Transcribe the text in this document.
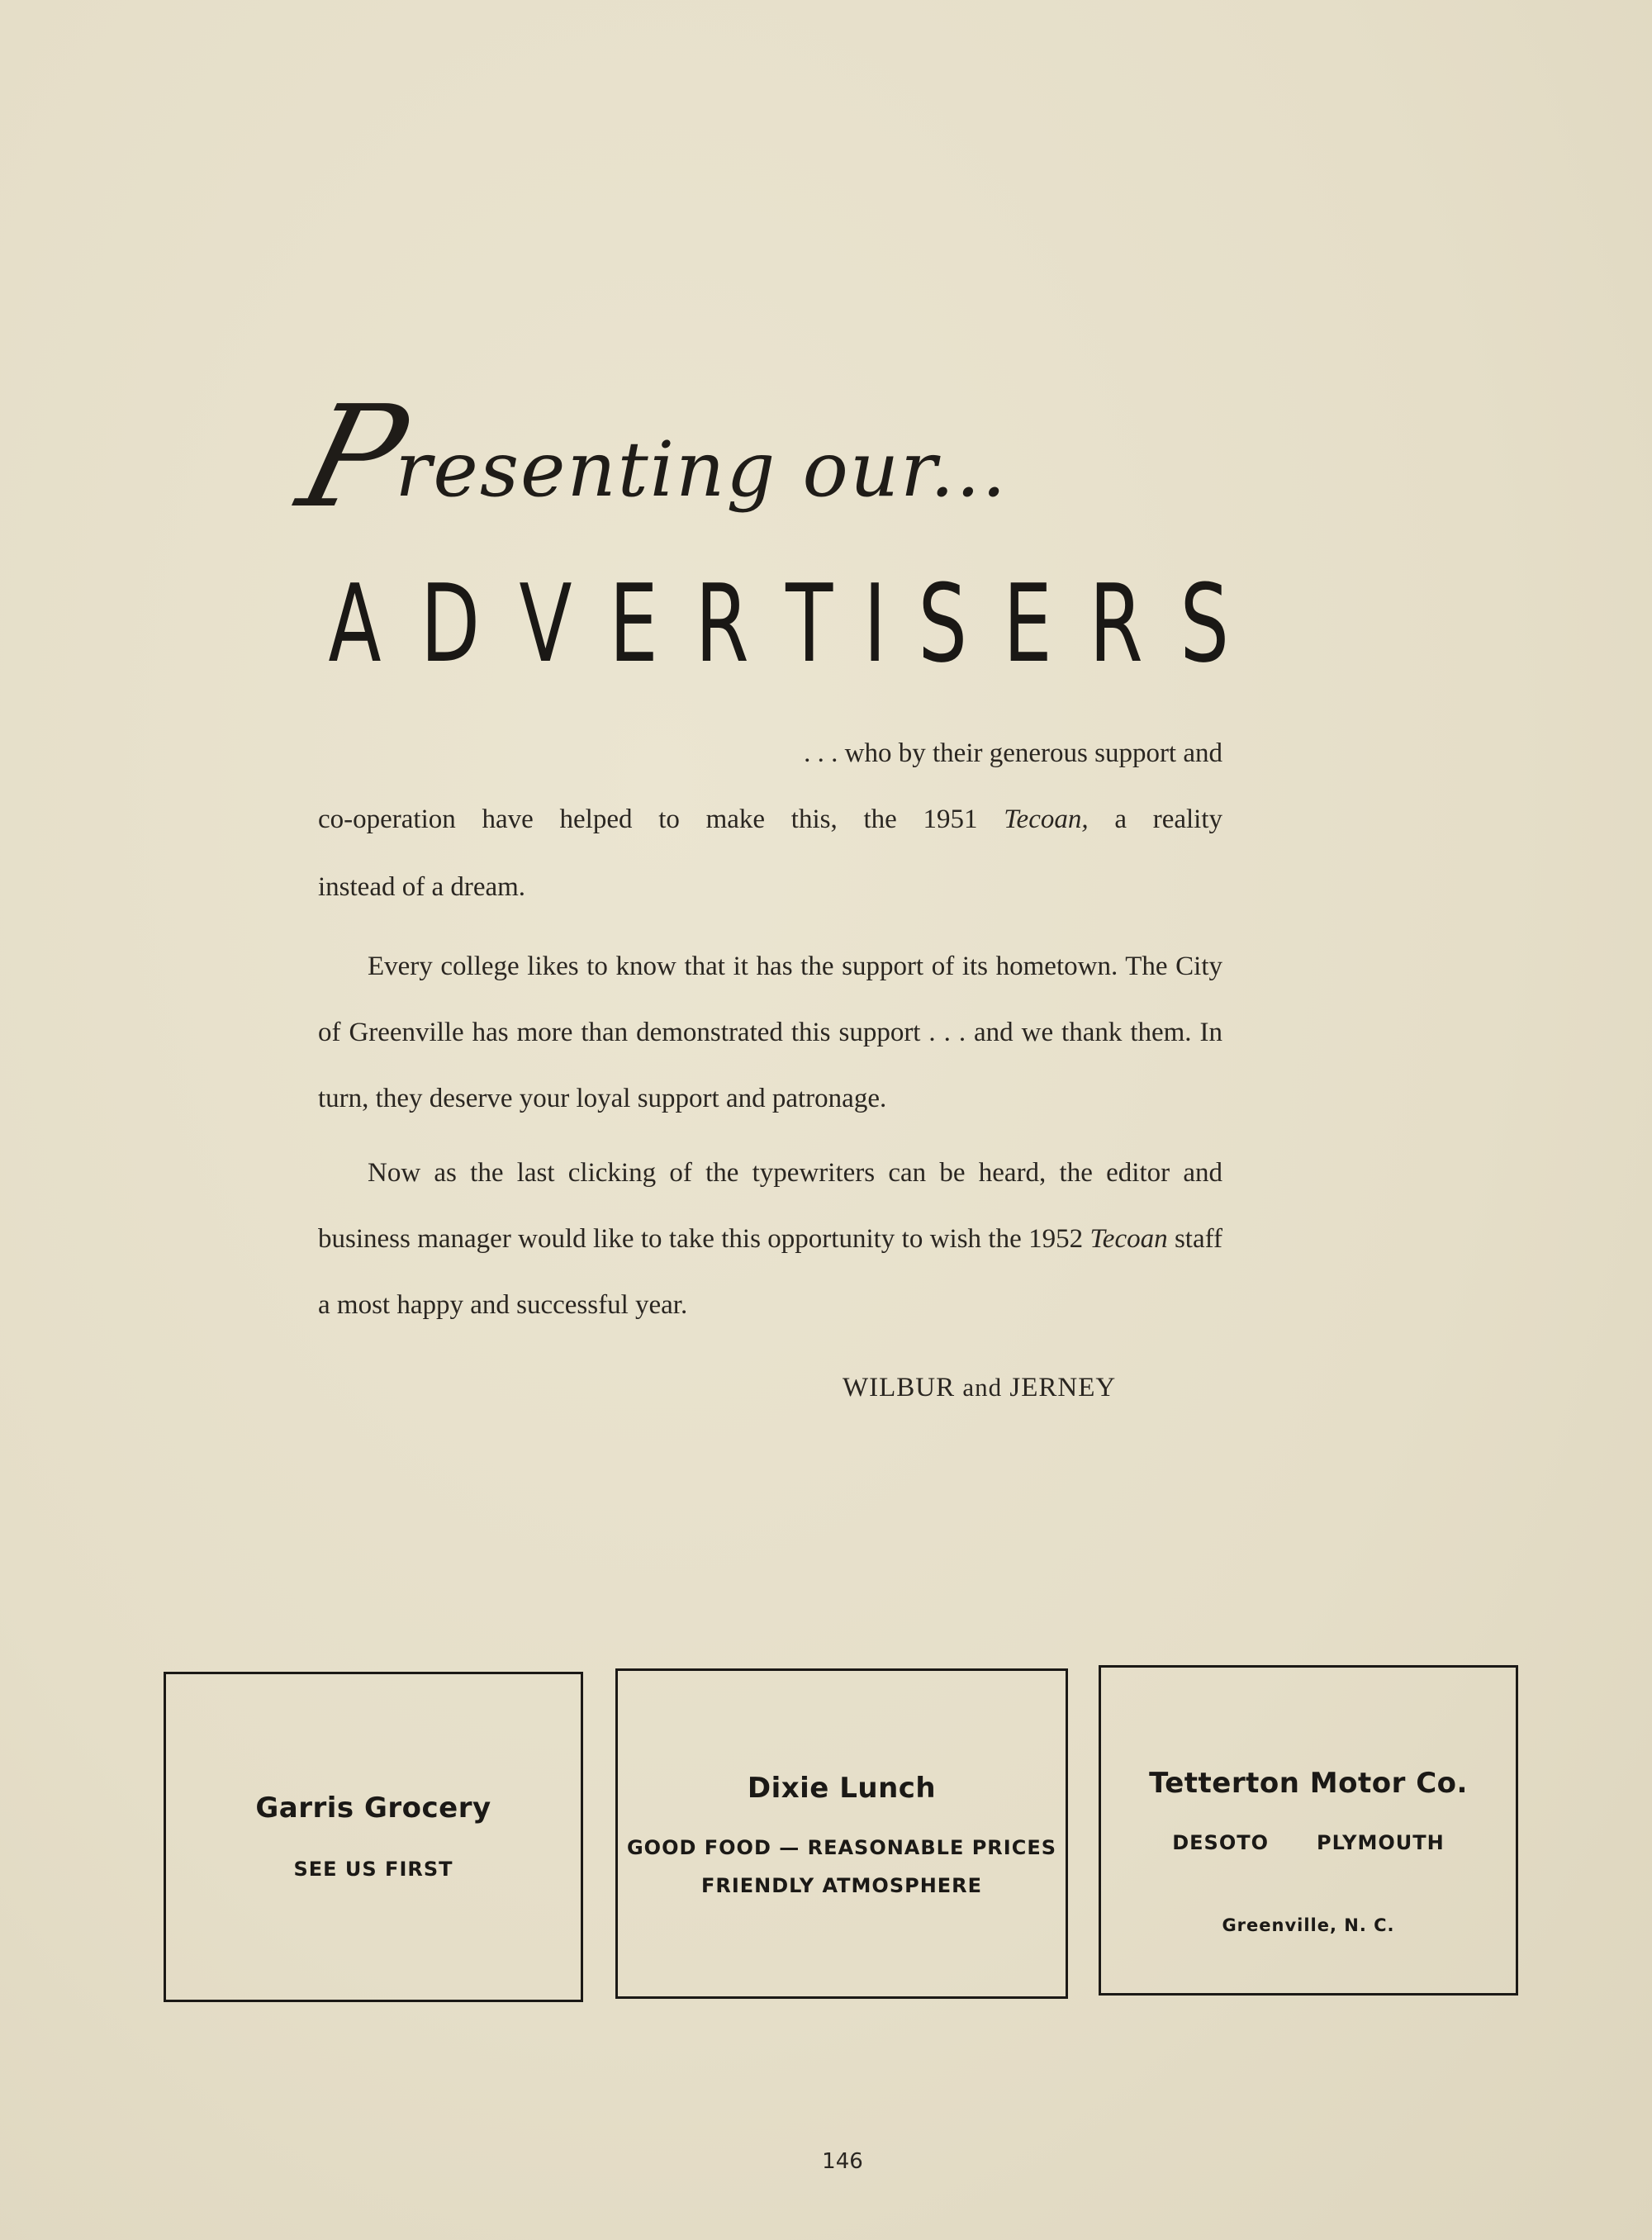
Presenting our...
A D V E R T I S E R S
. . . who by their generous support and
co-operation have helped to make this, the 1951 Tecoan, a reality
instead of a dream.
Every college likes to know that it has the support of its hometown. The City of Greenville has more than demonstrated this support . . . and we thank them. In turn, they deserve your loyal support and patronage.
Now as the last clicking of the typewriters can be heard, the editor and business manager would like to take this opportunity to wish the 1952 Tecoan staff a most happy and successful year.
WILBUR and JERNEY
Garris Grocery
SEE US FIRST
Dixie Lunch
GOOD FOOD — REASONABLE PRICES
FRIENDLY ATMOSPHERE
Tetterton Motor Co.
DESOTO PLYMOUTH
Greenville, N. C.
146
